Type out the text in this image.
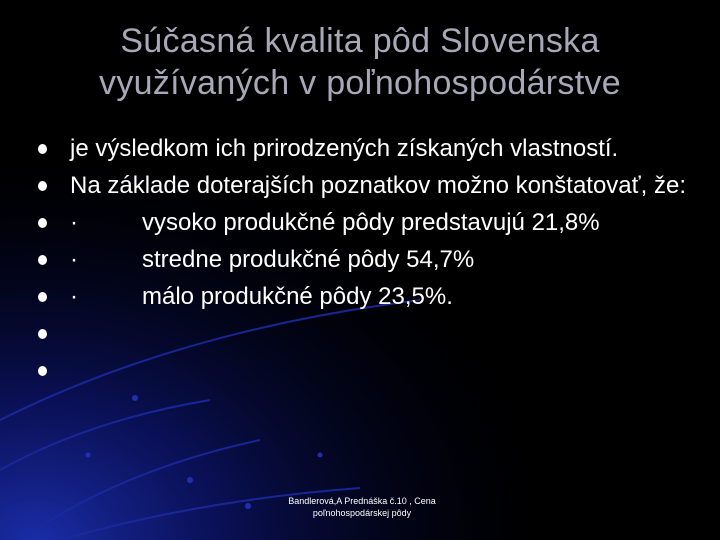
Súčasná kvalita pôd Slovenska
využívaných v poľnohospodárstve
je výsledkom ich prirodzených získaných vlastností.
Na základe doterajších poznatkov možno konštatovať, že:
·	vysoko produkčné pôdy predstavujú 21,8%
·	stredne produkčné pôdy 54,7%
·	málo produkčné pôdy 23,5%.
Bandlerová,A Prednáška č.10 , Cena
poľnohospodárskej pôdy
